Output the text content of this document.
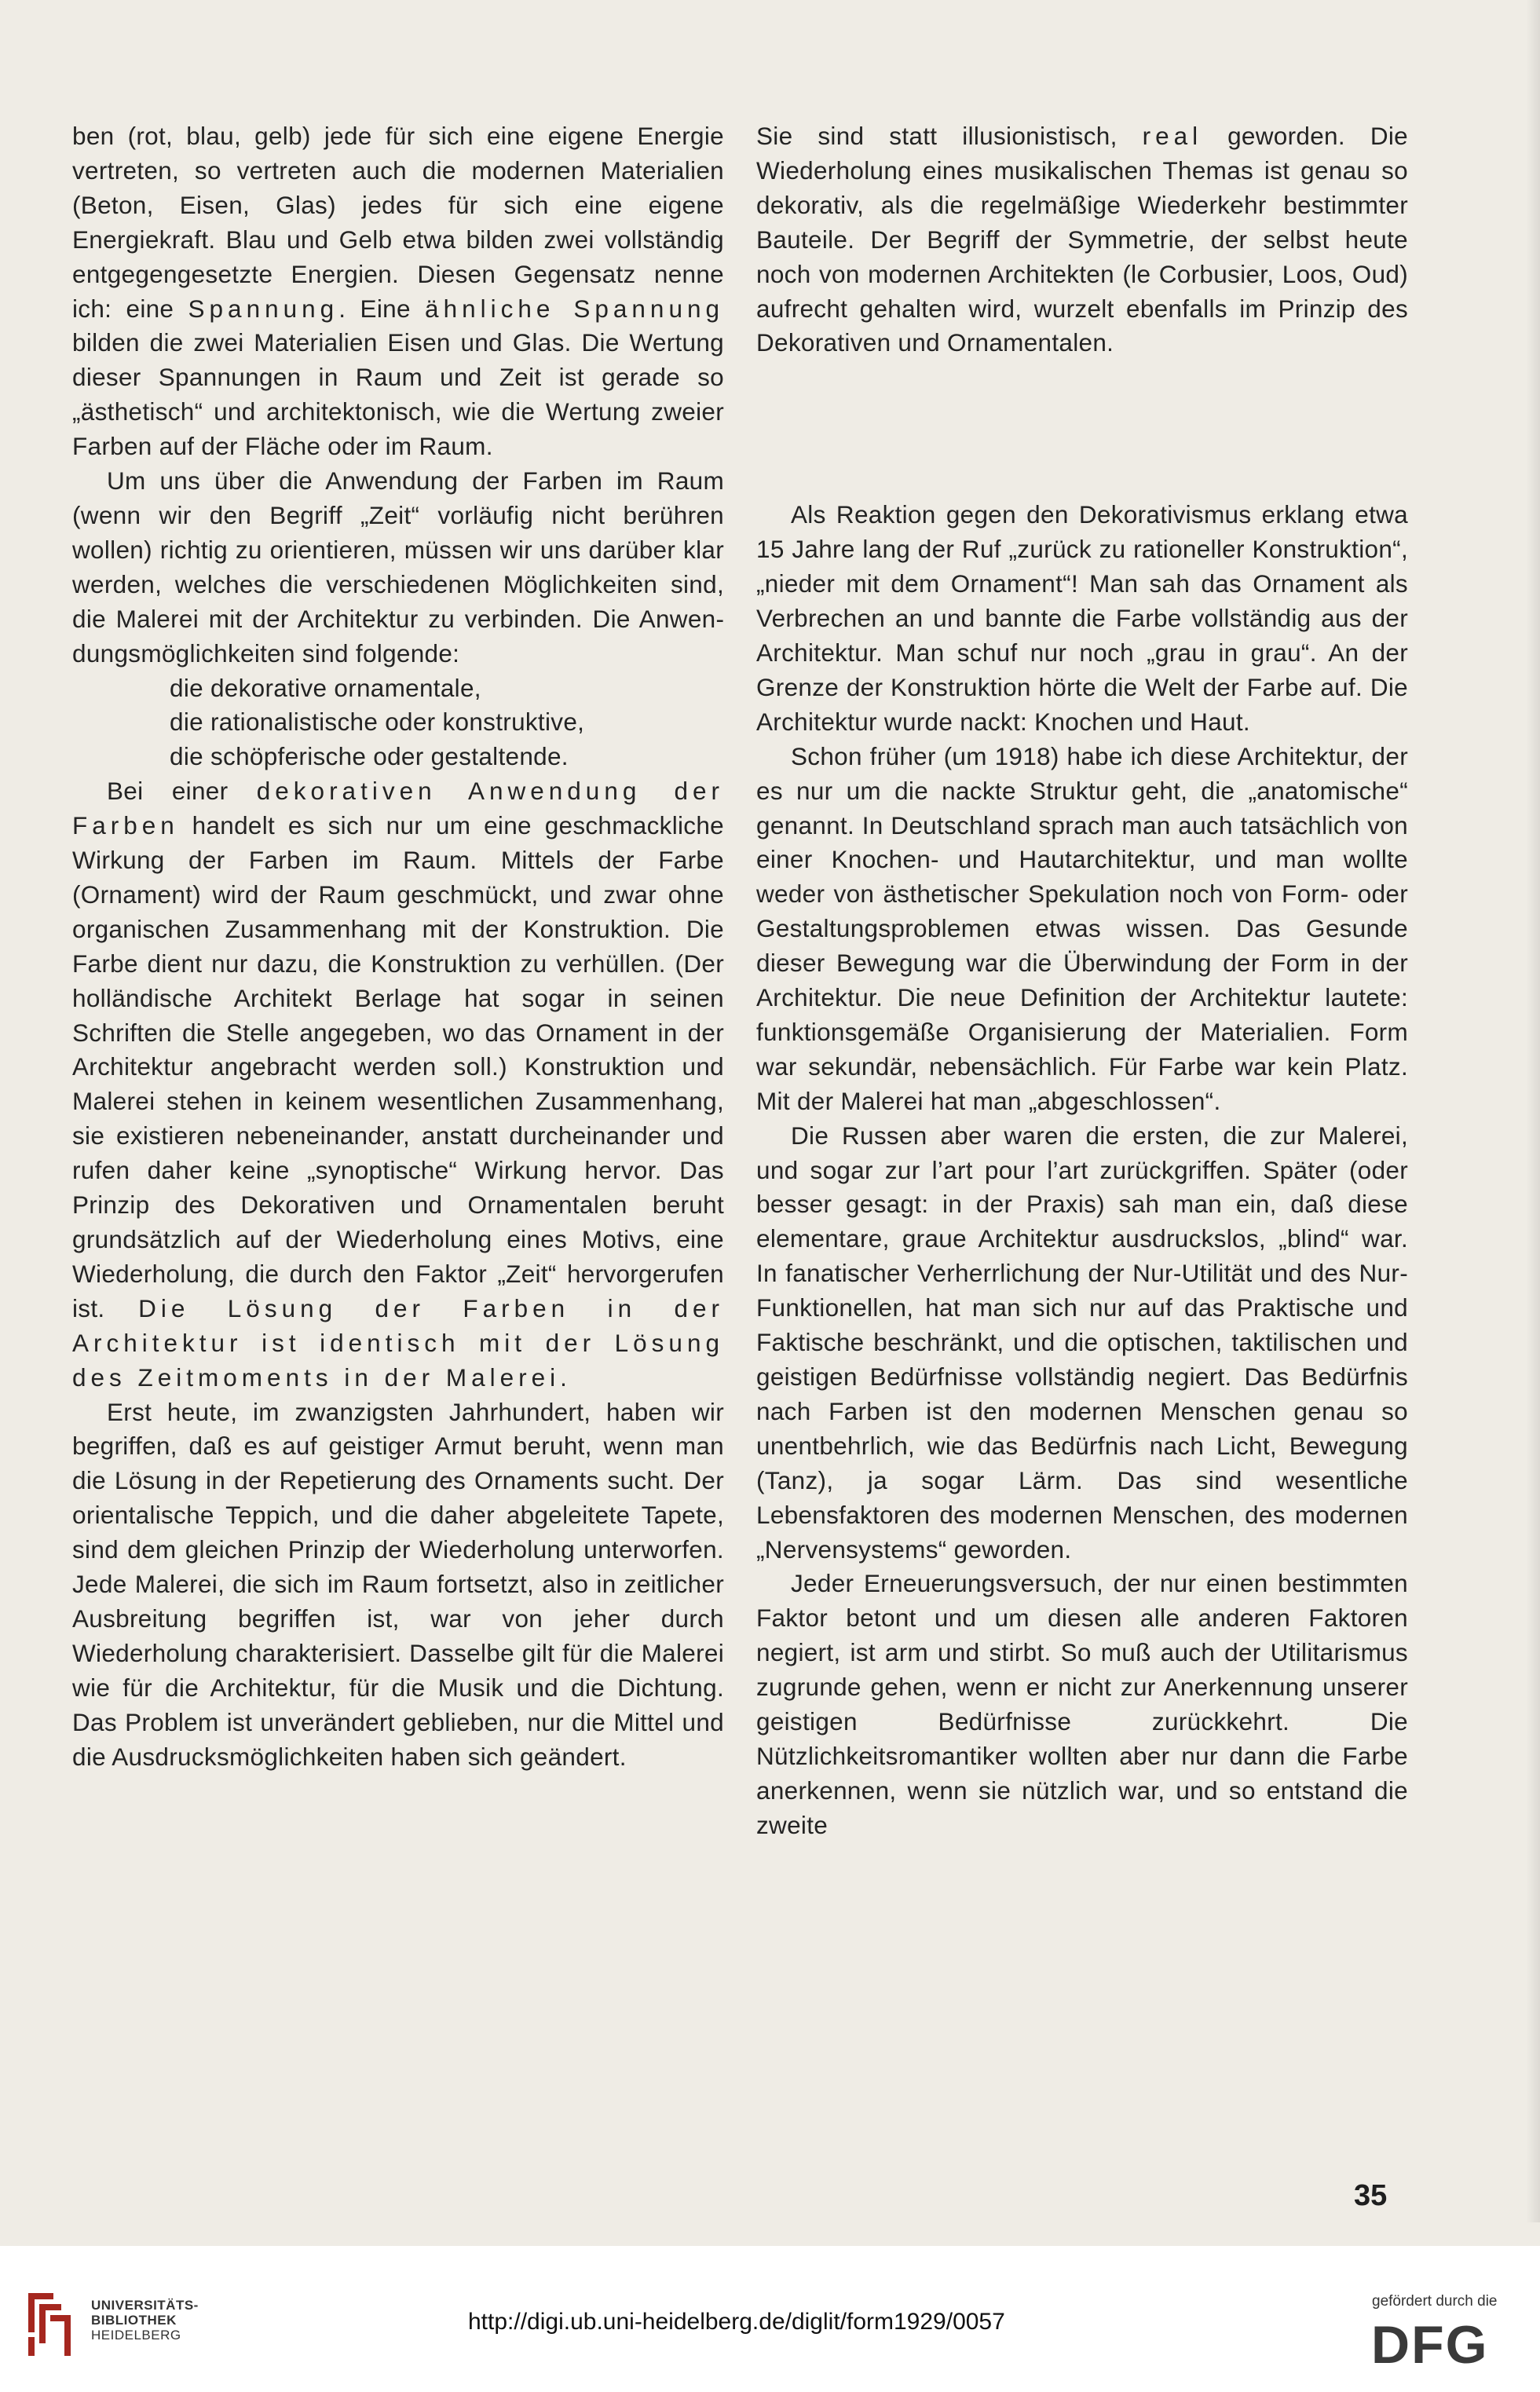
ben (rot, blau, gelb) jede für sich eine eigene Energie vertreten, so vertreten auch die modernen Materialien (Beton, Eisen, Glas) jedes für sich eine eigene Energiekraft. Blau und Gelb etwa bilden zwei vollständig entgegengesetzte Energien. Diesen Gegensatz nenne ich: eine Spannung. Eine ähnliche Spannung bilden die zwei Materialien Eisen und Glas. Die Wertung dieser Spannungen in Raum und Zeit ist gerade so „ästhetisch“ und architektonisch, wie die Wertung zweier Farben auf der Fläche oder im Raum.

Um uns über die Anwendung der Farben im Raum (wenn wir den Begriff „Zeit“ vorläufig nicht berühren wollen) richtig zu orientieren, müssen wir uns darüber klar werden, welches die verschiedenen Möglichkeiten sind, die Malerei mit der Architektur zu verbinden. Die Anwendungsmöglichkeiten sind folgende:

die dekorative ornamentale,

die rationalistische oder konstruktive,

die schöpferische oder gestaltende.

Bei einer dekorativen Anwendung der Farben handelt es sich nur um eine geschmackliche Wirkung der Farben im Raum. Mittels der Farbe (Ornament) wird der Raum geschmückt, und zwar ohne organischen Zusammenhang mit der Konstruktion. Die Farbe dient nur dazu, die Konstruktion zu verhüllen. (Der holländische Architekt Berlage hat sogar in seinen Schriften die Stelle angegeben, wo das Ornament in der Architektur angebracht werden soll.) Konstruktion und Malerei stehen in keinem wesentlichen Zusammenhang, sie existieren nebeneinander, anstatt durcheinander und rufen daher keine „synoptische“ Wirkung hervor. Das Prinzip des Dekorativen und Ornamentalen beruht grundsätzlich auf der Wiederholung eines Motivs, eine Wiederholung, die durch den Faktor „Zeit“ hervorgerufen ist. Die Lösung der Farben in der Architektur ist identisch mit der Lösung des Zeitmoments in der Malerei.

Erst heute, im zwanzigsten Jahrhundert, haben wir begriffen, daß es auf geistiger Armut beruht, wenn man die Lösung in der Repetierung des Ornaments sucht. Der orientalische Teppich, und die daher abgeleitete Tapete, sind dem gleichen Prinzip der Wiederholung unterworfen. Jede Malerei, die sich im Raum fortsetzt, also in zeitlicher Ausbreitung begriffen ist, war von jeher durch Wiederholung charakterisiert. Dasselbe gilt für die Malerei wie für die Architektur, für die Musik und die Dichtung. Das Problem ist unverändert geblieben, nur die Mittel und die Ausdrucksmöglichkeiten haben sich geändert.

Sie sind statt illusionistisch, real geworden. Die Wiederholung eines musikalischen Themas ist genau so dekorativ, als die regelmäßige Wiederkehr bestimmter Bauteile. Der Begriff der Symmetrie, der selbst heute noch von modernen Architekten (le Corbusier, Loos, Oud) aufrecht gehalten wird, wurzelt ebenfalls im Prinzip des Dekorativen und Ornamentalen.

Als Reaktion gegen den Dekorativismus erklang etwa 15 Jahre lang der Ruf „zurück zu rationeller Konstruktion“, „nieder mit dem Ornament“! Man sah das Ornament als Verbrechen an und bannte die Farbe vollständig aus der Architektur. Man schuf nur noch „grau in grau“. An der Grenze der Konstruktion hörte die Welt der Farbe auf. Die Architektur wurde nackt: Knochen und Haut.

Schon früher (um 1918) habe ich diese Architektur, der es nur um die nackte Struktur geht, die „anatomische“ genannt. In Deutschland sprach man auch tatsächlich von einer Knochen- und Hautarchitektur, und man wollte weder von ästhetischer Spekulation noch von Form- oder Gestaltungsproblemen etwas wissen. Das Gesunde dieser Bewegung war die Überwindung der Form in der Architektur. Die neue Definition der Architektur lautete: funktionsgemäße Organisierung der Materialien. Form war sekundär, nebensächlich. Für Farbe war kein Platz. Mit der Malerei hat man „abgeschlossen“.

Die Russen aber waren die ersten, die zur Malerei, und sogar zur l’art pour l’art zurückgriffen. Später (oder besser gesagt: in der Praxis) sah man ein, daß diese elementare, graue Architektur ausdruckslos, „blind“ war. In fanatischer Verherrlichung der Nur-Utilität und des Nur-Funktionellen, hat man sich nur auf das Praktische und Faktische beschränkt, und die optischen, taktilischen und geistigen Bedürfnisse vollständig negiert. Das Bedürfnis nach Farben ist den modernen Menschen genau so unentbehrlich, wie das Bedürfnis nach Licht, Bewegung (Tanz), ja sogar Lärm. Das sind wesentliche Lebensfaktoren des modernen Menschen, des modernen „Nervensystems“ geworden.

Jeder Erneuerungsversuch, der nur einen bestimmten Faktor betont und um diesen alle anderen Faktoren negiert, ist arm und stirbt. So muß auch der Utilitarismus zugrunde gehen, wenn er nicht zur Anerkennung unserer geistigen Bedürfnisse zurückkehrt. Die Nützlichkeitsromantiker wollten aber nur dann die Farbe anerkennen, wenn sie nützlich war, und so entstand die zweite

35
UNIVERSITÄTS-
BIBLIOTHEK
HEIDELBERG
http://digi.ub.uni-heidelberg.de/diglit/form1929/0057
gefördert durch die
DFG
